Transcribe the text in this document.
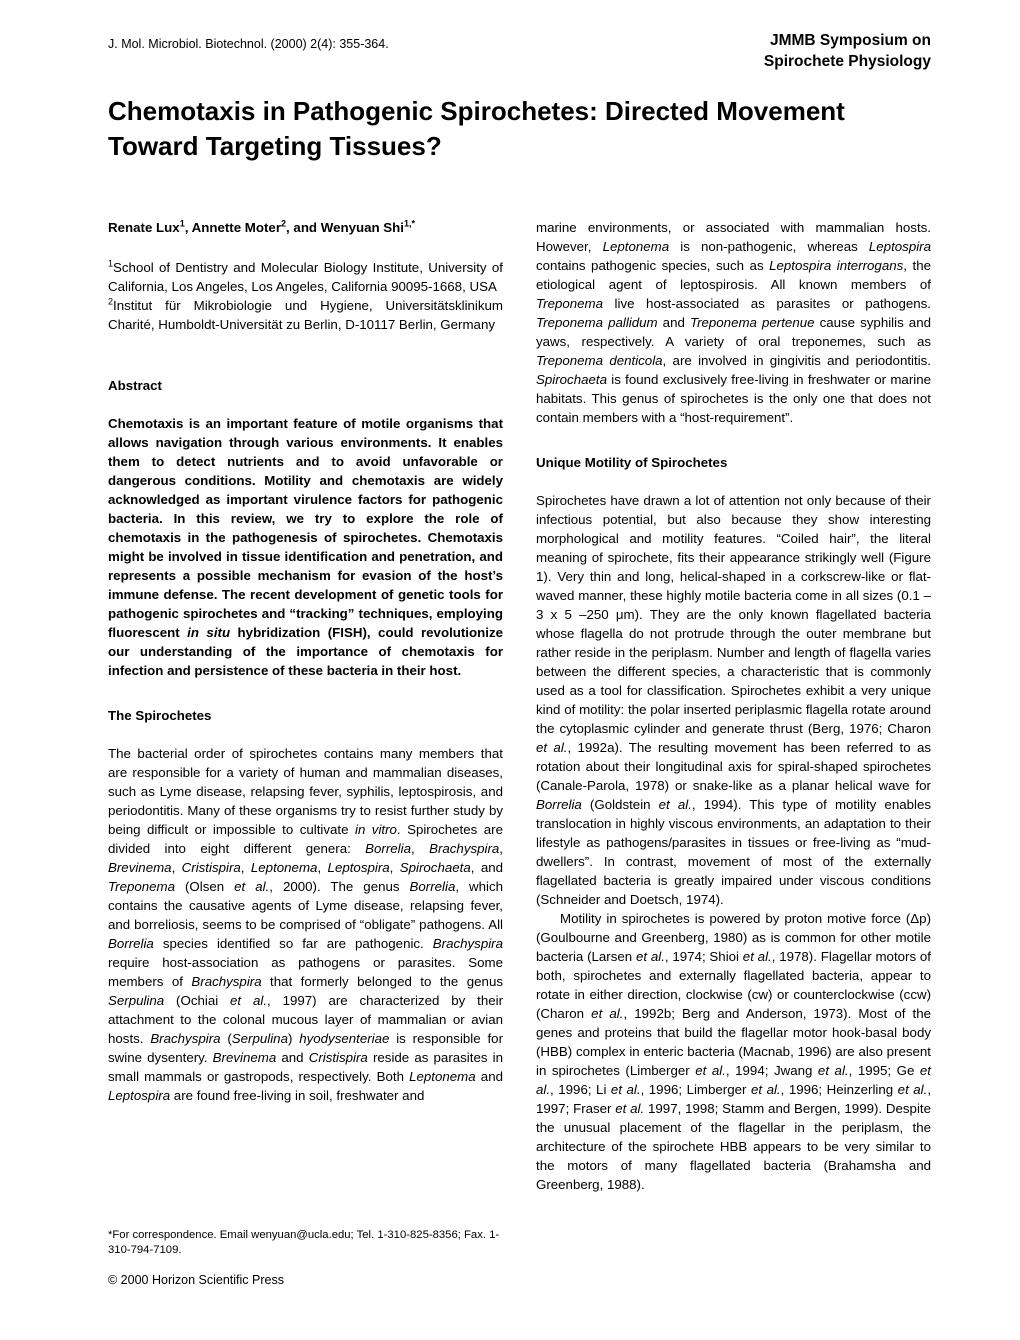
J. Mol. Microbiol. Biotechnol. (2000) 2(4): 355-364.	JMMB Symposium on
Spirochete Physiology
Chemotaxis in Pathogenic Spirochetes: Directed Movement Toward Targeting Tissues?

Renate Lux$^1$, Annette Moter$^2$, and Wenyuan Shi$^{1,*}$

$^1$School of Dentistry and Molecular Biology Institute, University of California, Los Angeles, Los Angeles, California 90095-1668, USA

$^2$Institut für Mikrobiologie und Hygiene, Universitätsklinikum Charité, Humboldt-Universität zu Berlin, D-10117 Berlin, Germany

Abstract

Chemotaxis is an important feature of motile organisms that allows navigation through various environments. It enables them to detect nutrients and to avoid unfavorable or dangerous conditions. Motility and chemotaxis are widely acknowledged as important virulence factors for pathogenic bacteria. In this review, we try to explore the role of chemotaxis in the pathogenesis of spirochetes. Chemotaxis might be involved in tissue identification and penetration, and represents a possible mechanism for evasion of the host’s immune defense. The recent development of genetic tools for pathogenic spirochetes and “tracking” techniques, employing fluorescent in situ hybridization (FISH), could revolutionize our understanding of the importance of chemotaxis for infection and persistence of these bacteria in their host.

The Spirochetes

The bacterial order of spirochetes contains many members that are responsible for a variety of human and mammalian diseases, such as Lyme disease, relapsing fever, syphilis, leptospirosis, and periodontitis. Many of these organisms try to resist further study by being difficult or impossible to cultivate in vitro. Spirochetes are divided into eight different genera: Borrelia, Brachyspira, Brevinema, Cristispira, Leptonema, Leptospira, Spirochaeta, and Treponema (Olsen et al., 2000). The genus Borrelia, which contains the causative agents of Lyme disease, relapsing fever, and borreliosis, seems to be comprised of “obligate” pathogens. All Borrelia species identified so far are pathogenic. Brachyspira require host-association as pathogens or parasites. Some members of Brachyspira that formerly belonged to the genus Serpulina (Ochiai et al., 1997) are characterized by their attachment to the colonal mucous layer of mammalian or avian hosts. Brachyspira (Serpulina) hyodysenteriae is responsible for swine dysentery. Brevinema and Cristispira reside as parasites in small mammals or gastropods, respectively. Both Leptonema and Leptospira are found free-living in soil, freshwater and

*For correspondence. Email wenyuan@ucla.edu; Tel. 1-310-825-8356; Fax. 1-310-794-7109.

marine environments, or associated with mammalian hosts. However, Leptonema is non-pathogenic, whereas Leptospira contains pathogenic species, such as Leptospira interrogans, the etiological agent of leptospirosis. All known members of Treponema live host-associated as parasites or pathogens. Treponema pallidum and Treponema pertenue cause syphilis and yaws, respectively. A variety of oral treponemes, such as Treponema denticola, are involved in gingivitis and periodontitis. Spirochaeta is found exclusively free-living in freshwater or marine habitats. This genus of spirochetes is the only one that does not contain members with a “host-requirement”.

Unique Motility of Spirochetes

Spirochetes have drawn a lot of attention not only because of their infectious potential, but also because they show interesting morphological and motility features. “Coiled hair”, the literal meaning of spirochete, fits their appearance strikingly well (Figure 1). Very thin and long, helical-shaped in a corkscrew-like or flat-waved manner, these highly motile bacteria come in all sizes (0.1 – 3 x 5 –250 μm). They are the only known flagellated bacteria whose flagella do not protrude through the outer membrane but rather reside in the periplasm. Number and length of flagella varies between the different species, a characteristic that is commonly used as a tool for classification. Spirochetes exhibit a very unique kind of motility: the polar inserted periplasmic flagella rotate around the cytoplasmic cylinder and generate thrust (Berg, 1976; Charon et al., 1992a). The resulting movement has been referred to as rotation about their longitudinal axis for spiral-shaped spirochetes (Canale-Parola, 1978) or snake-like as a planar helical wave for Borrelia (Goldstein et al., 1994). This type of motility enables translocation in highly viscous environments, an adaptation to their lifestyle as pathogens/parasites in tissues or free-living as “mud-dwellers”. In contrast, movement of most of the externally flagellated bacteria is greatly impaired under viscous conditions (Schneider and Doetsch, 1974).

Motility in spirochetes is powered by proton motive force (Δp) (Goulbourne and Greenberg, 1980) as is common for other motile bacteria (Larsen et al., 1974; Shioi et al., 1978). Flagellar motors of both, spirochetes and externally flagellated bacteria, appear to rotate in either direction, clockwise (cw) or counterclockwise (ccw) (Charon et al., 1992b; Berg and Anderson, 1973). Most of the genes and proteins that build the flagellar motor hook-basal body (HBB) complex in enteric bacteria (Macnab, 1996) are also present in spirochetes (Limberger et al., 1994; Jwang et al., 1995; Ge et al., 1996; Li et al., 1996; Limberger et al., 1996; Heinzerling et al., 1997; Fraser et al. 1997, 1998; Stamm and Bergen, 1999). Despite the unusual placement of the flagellar in the periplasm, the architecture of the spirochete HBB appears to be very similar to the motors of many flagellated bacteria (Brahamsha and Greenberg, 1988).

© 2000 Horizon Scientific Press
